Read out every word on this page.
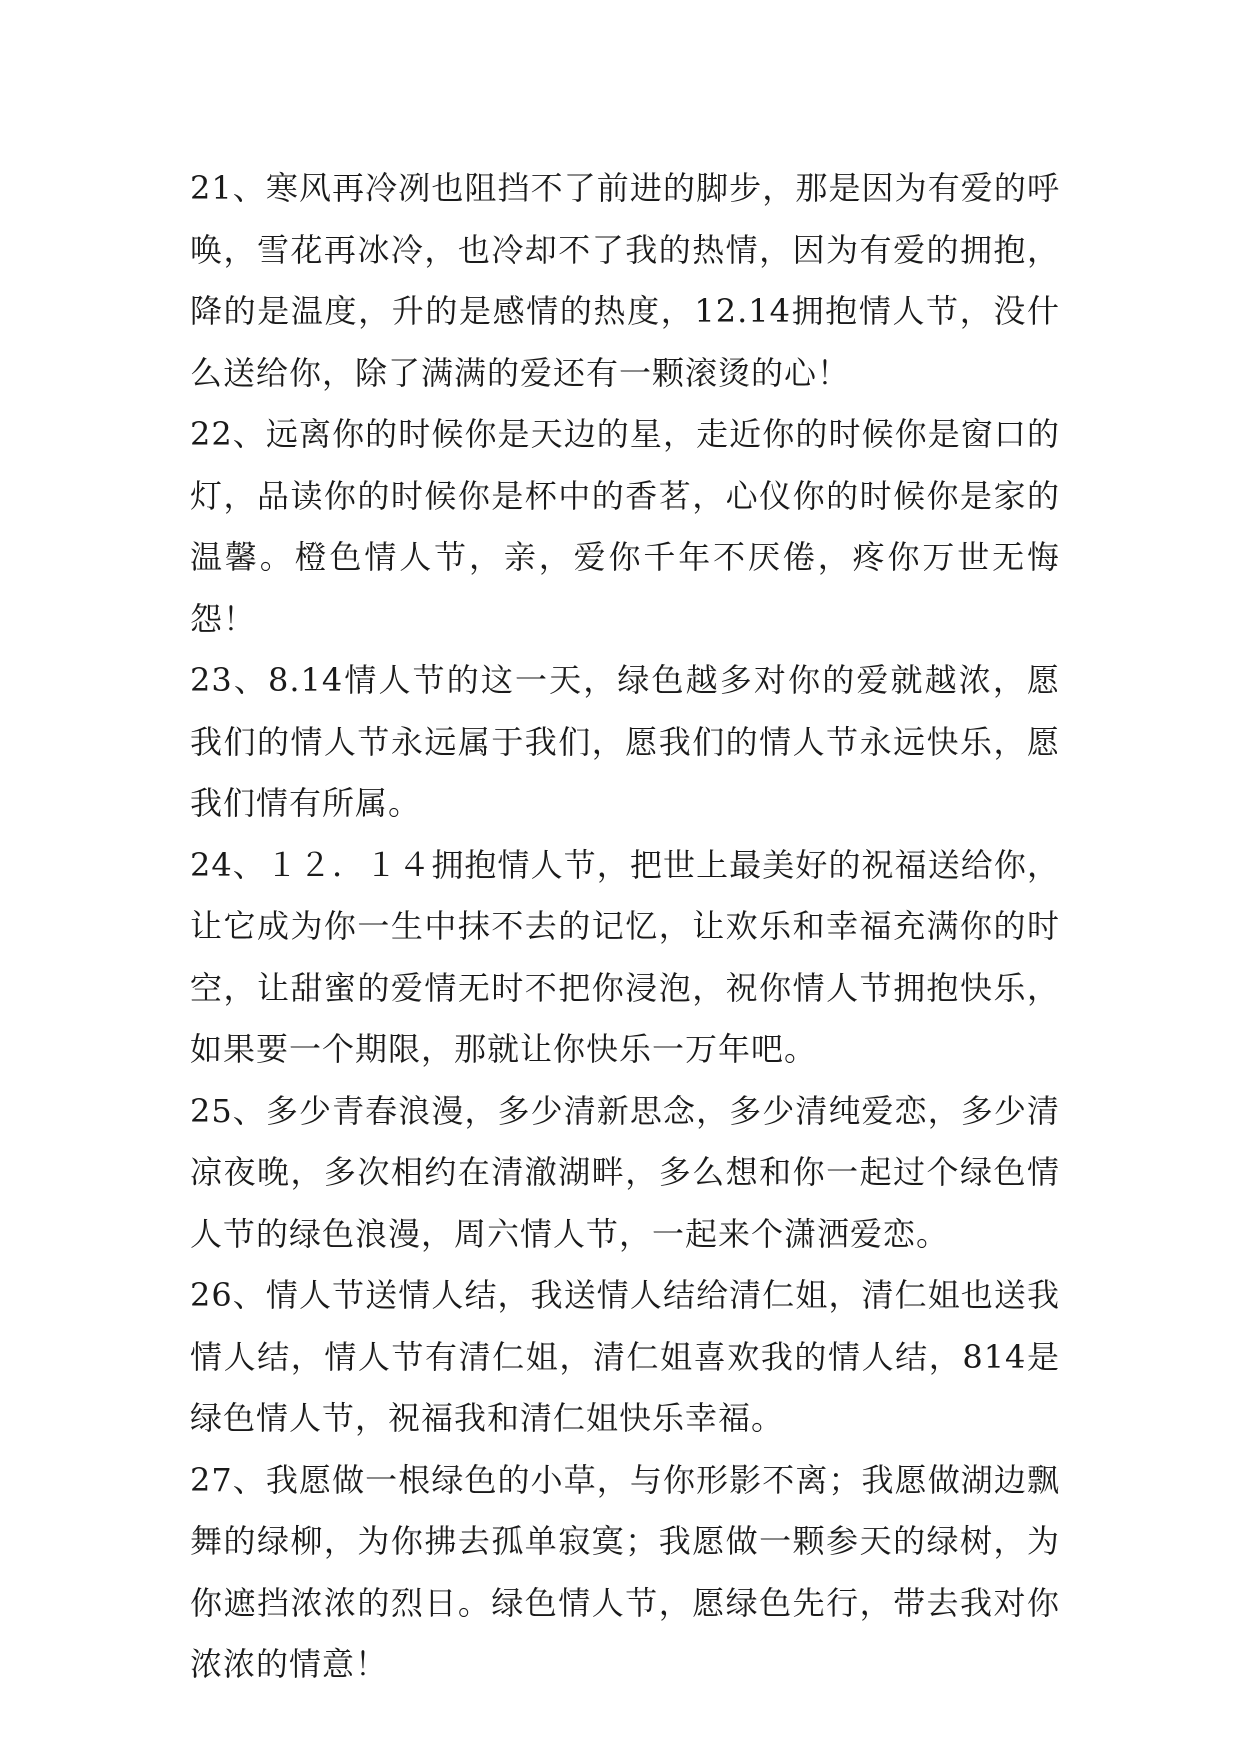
21、寒风再冷冽也阻挡不了前进的脚步，那是因为有爱的呼唤，雪花再冰冷，也冷却不了我的热情，因为有爱的拥抱，降的是温度，升的是感情的热度，12.14拥抱情人节，没什么送给你，除了满满的爱还有一颗滚烫的心！

22、远离你的时候你是天边的星，走近你的时候你是窗口的灯，品读你的时候你是杯中的香茗，心仪你的时候你是家的温馨。橙色情人节，亲，爱你千年不厌倦，疼你万世无悔怨！

23、8.14情人节的这一天，绿色越多对你的爱就越浓，愿我们的情人节永远属于我们，愿我们的情人节永远快乐，愿我们情有所属。

24、１２．１４拥抱情人节，把世上最美好的祝福送给你，让它成为你一生中抹不去的记忆，让欢乐和幸福充满你的时空，让甜蜜的爱情无时不把你浸泡，祝你情人节拥抱快乐，如果要一个期限，那就让你快乐一万年吧。

25、多少青春浪漫，多少清新思念，多少清纯爱恋，多少清凉夜晚，多次相约在清澈湖畔，多么想和你一起过个绿色情人节的绿色浪漫，周六情人节，一起来个潇洒爱恋。

26、情人节送情人结，我送情人结给清仁姐，清仁姐也送我情人结，情人节有清仁姐，清仁姐喜欢我的情人结，814是绿色情人节，祝福我和清仁姐快乐幸福。

27、我愿做一根绿色的小草，与你形影不离；我愿做湖边飘舞的绿柳，为你拂去孤单寂寞；我愿做一颗参天的绿树，为你遮挡浓浓的烈日。绿色情人节，愿绿色先行，带去我对你浓浓的情意！
